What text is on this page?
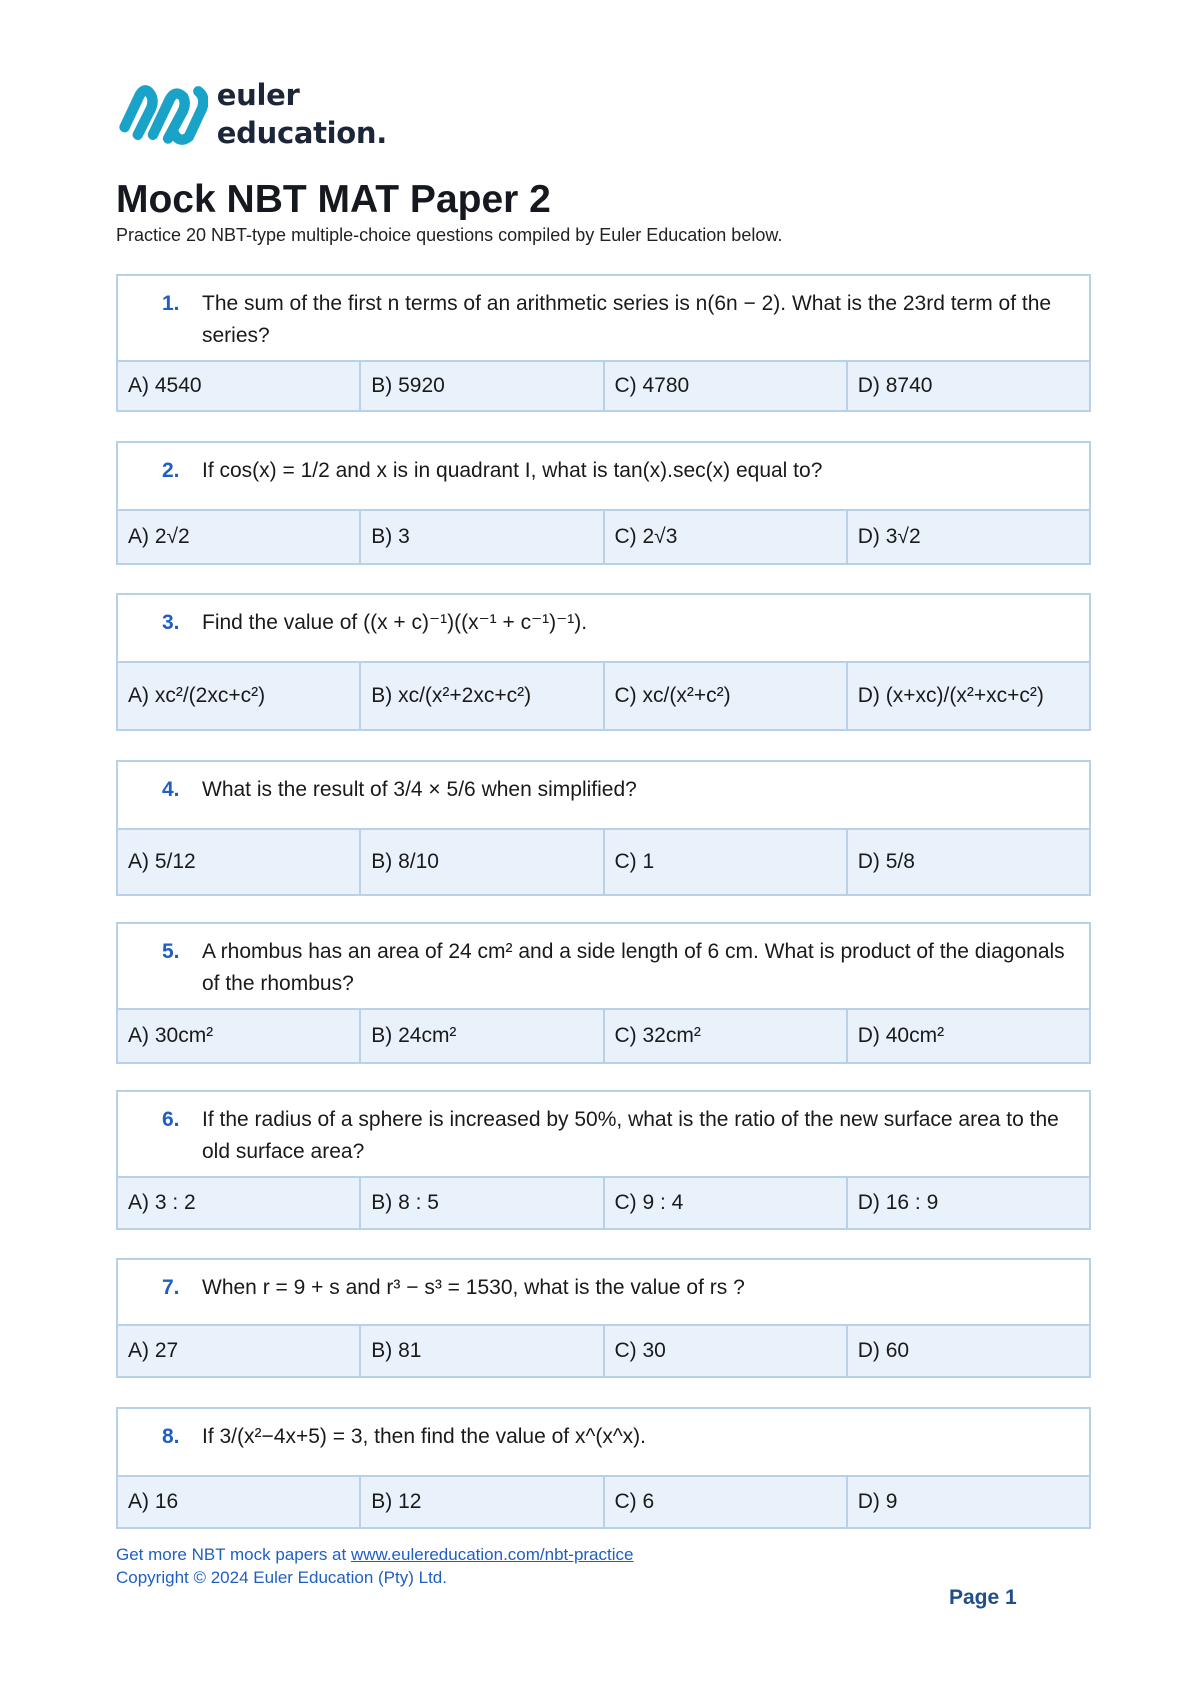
euler
education.
Mock NBT MAT Paper 2
Practice 20 NBT-type multiple-choice questions compiled by Euler Education below.
1.	The sum of the first n terms of an arithmetic series is n(6n − 2). What is the 23rd term of the series?
A) 4540	B) 5920	C) 4780	D) 8740
2.	If cos(x) = 1/2 and x is in quadrant I, what is tan(x).sec(x) equal to?
A) 2√2	B) 3	C) 2√3	D) 3√2
3.	Find the value of ((x + c)⁻¹)((x⁻¹ + c⁻¹)⁻¹).
A) xc²/(2xc+c²)	B) xc/(x²+2xc+c²)	C) xc/(x²+c²)	D) (x+xc)/(x²+xc+c²)
4.	What is the result of 3/4 × 5/6 when simplified?
A) 5/12	B) 8/10	C) 1	D) 5/8
5.	A rhombus has an area of 24 cm² and a side length of 6 cm. What is product of the diagonals of the rhombus?
A) 30cm²	B) 24cm²	C) 32cm²	D) 40cm²
6.	If the radius of a sphere is increased by 50%, what is the ratio of the new surface area to the old surface area?
A) 3 : 2	B) 8 : 5	C) 9 : 4	D) 16 : 9
7.	When r = 9 + s and r³ − s³ = 1530, what is the value of rs ?
A) 27	B) 81	C) 30	D) 60
8.	If 3/(x²−4x+5) = 3, then find the value of x^(x^x).
A) 16	B) 12	C) 6	D) 9
Get more NBT mock papers at www.eulereducation.com/nbt-practice
Copyright © 2024 Euler Education (Pty) Ltd.
Page 1
